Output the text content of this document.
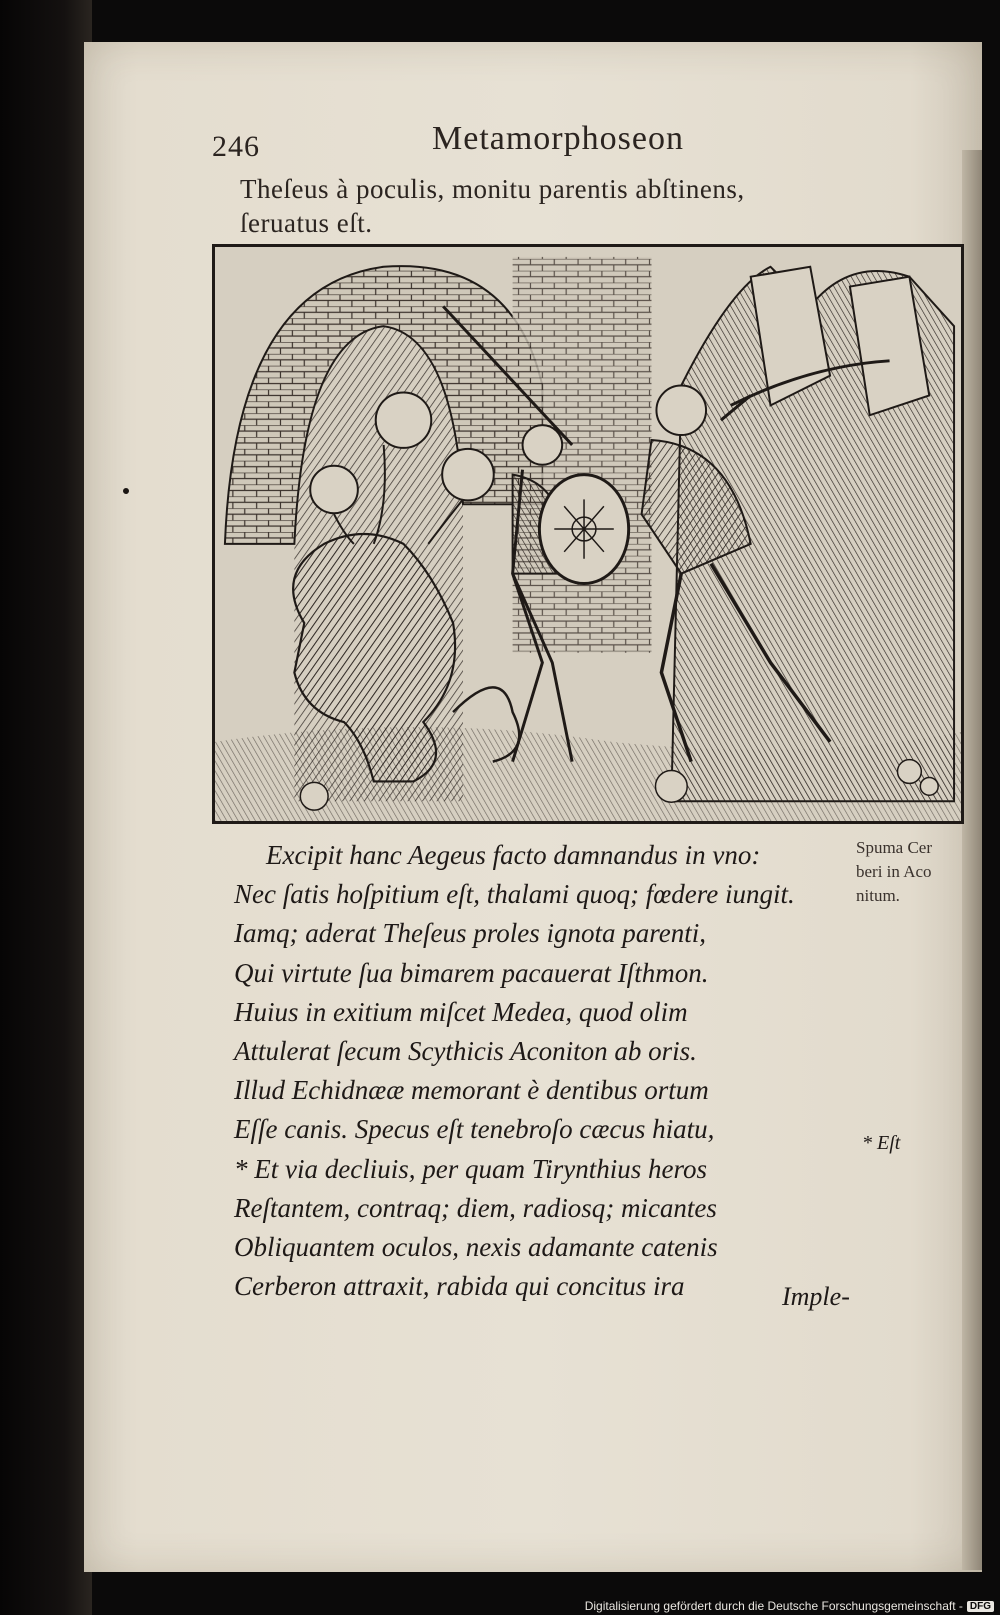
246	Metamorphoseon
Theſeus à poculis, monitu parentis abſtinens,
ſeruatus eſt.
Excipit hanc Aegeus facto damnandus in vno:
Nec ſatis hoſpitium eſt, thalami quoq; fœdere iungit.
Iamq; aderat Theſeus proles ignota parenti,
Qui virtute ſua bimarem pacauerat Iſthmon.
Huius in exitium miſcet Medea, quod olim
Attulerat ſecum Scythicis Aconiton ab oris.
Illud Echidnææ memorant è dentibus ortum
Eſſe canis. Specus eſt tenebroſo cæcus hiatu,
* Et via decliuis, per quam Tirynthius heros
Reſtantem, contraq; diem, radiosq; micantes
Obliquantem oculos, nexis adamante catenis
Cerberon attraxit, rabida qui concitus ira
Spuma Cer
beri in Aco
nitum.
* Eſt
Imple-
Digitalisierung gefördert durch die Deutsche Forschungsgemeinschaft - DFG
